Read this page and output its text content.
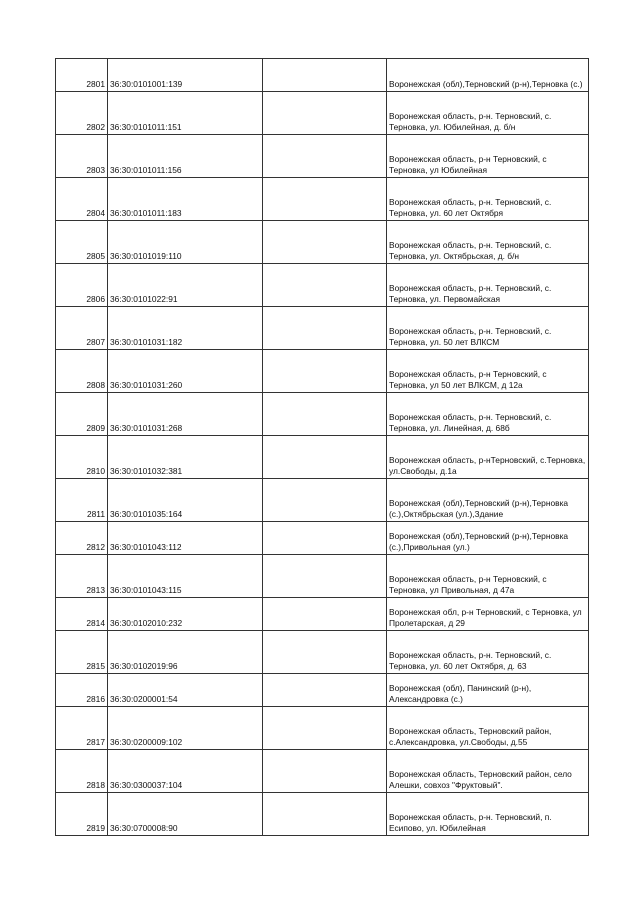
2801	36:30:0101001:139		Воронежская (обл),Терновский (р-н),Терновка (с.)
2802	36:30:0101011:151		Воронежская область, р-н. Терновский, с. Терновка, ул. Юбилейная, д. б/н
2803	36:30:0101011:156		Воронежская область, р-н Терновский, с Терновка, ул Юбилейная
2804	36:30:0101011:183		Воронежская область, р-н. Терновский, с. Терновка, ул. 60 лет Октября
2805	36:30:0101019:110		Воронежская область, р-н. Терновский, с. Терновка, ул. Октябрьская, д. б/н
2806	36:30:0101022:91		Воронежская область, р-н. Терновский, с. Терновка, ул. Первомайская
2807	36:30:0101031:182		Воронежская область, р-н. Терновский, с. Терновка, ул. 50 лет ВЛКСМ
2808	36:30:0101031:260		Воронежская область, р-н Терновский, с Терновка, ул 50 лет ВЛКСМ, д 12а
2809	36:30:0101031:268		Воронежская область, р-н. Терновский, с. Терновка, ул. Линейная, д. 68б
2810	36:30:0101032:381		Воронежская область, р-нТерновский, с.Терновка, ул.Свободы, д.1а
2811	36:30:0101035:164		Воронежская (обл),Терновский (р-н),Терновка (с.),Октябрьская (ул.),Здание
2812	36:30:0101043:112		Воронежская (обл),Терновский (р-н),Терновка (с.),Привольная (ул.)
2813	36:30:0101043:115		Воронежская область, р-н Терновский, с Терновка, ул Привольная, д 47а
2814	36:30:0102010:232		Воронежская обл, р-н Терновский, с Терновка, ул Пролетарская, д 29
2815	36:30:0102019:96		Воронежская область, р-н. Терновский, с. Терновка, ул. 60 лет Октября, д. 63
2816	36:30:0200001:54		Воронежская (обл), Панинский (р-н), Александровка (с.)
2817	36:30:0200009:102		Воронежская область, Терновский район, с.Александровка, ул.Свободы, д.55
2818	36:30:0300037:104		Воронежская область, Терновский район, село Алешки, совхоз "Фруктовый".
2819	36:30:0700008:90		Воронежская область, р-н. Терновский, п. Есипово, ул. Юбилейная
